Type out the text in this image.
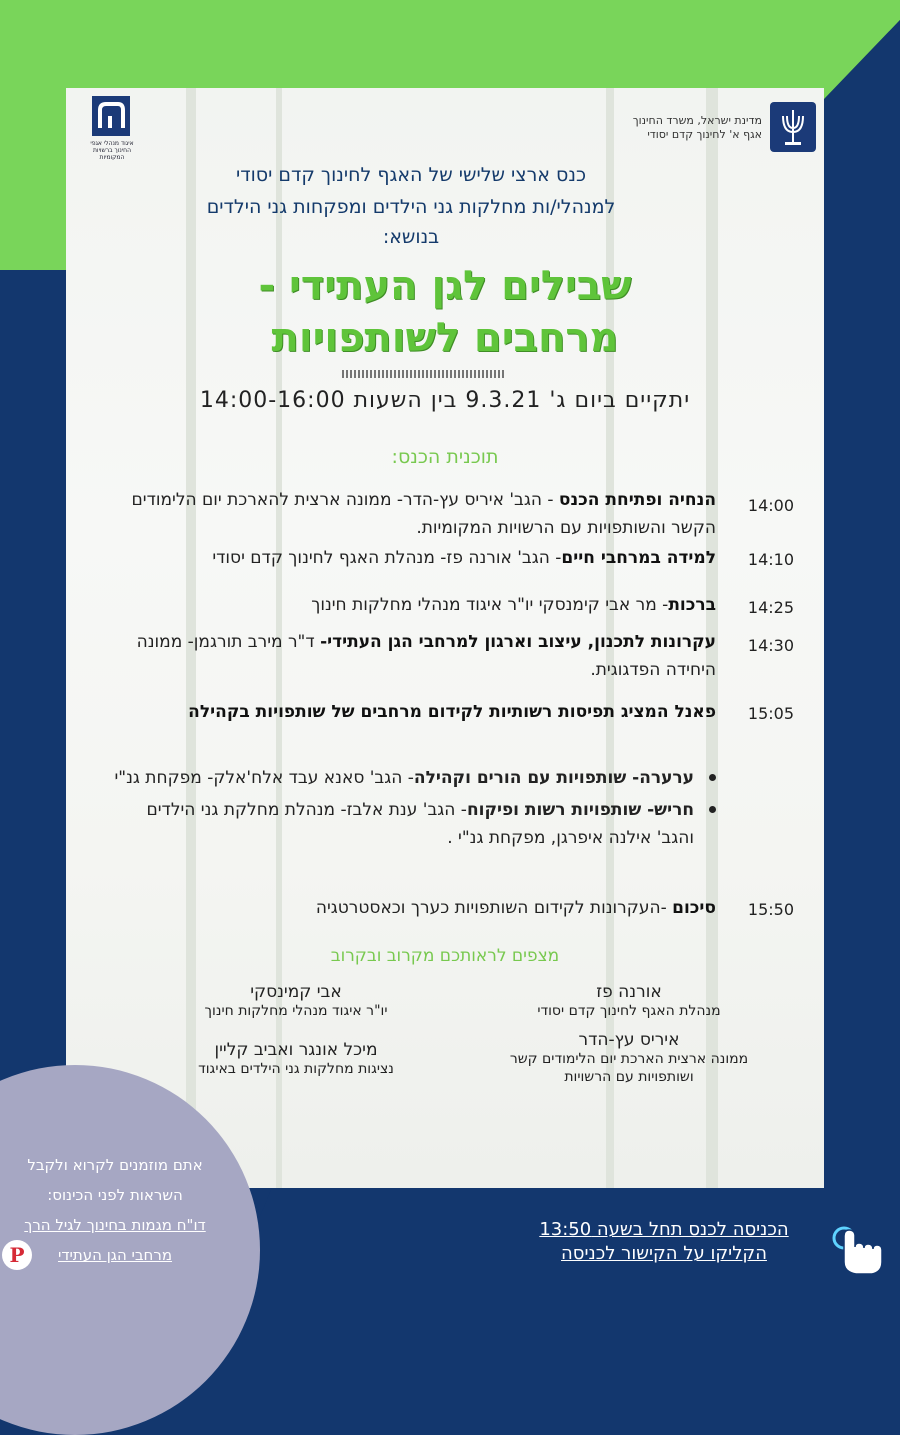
מדינת ישראל, משרד החינוך
אגף א' לחינוך קדם יסודי
איגוד מנהלי אגפי החינוך ברשויות המקומיות
כנס ארצי שלישי של האגף לחינוך קדם יסודי
למנהלי/ות מחלקות גני הילדים ומפקחות גני הילדים
בנושא:
שבילים לגן העתידי -
מרחבים לשותפויות
יתקיים ביום ג' 9.3.21 בין השעות 14:00-16:00
תוכנית הכנס:
14:00
הנחיה ופתיחת הכנס - הגב' איריס עץ-הדר- ממונה ארצית להארכת יום הלימודים הקשר והשותפויות עם הרשויות המקומיות.
14:10
למידה במרחבי חיים- הגב' אורנה פז- מנהלת האגף לחינוך קדם יסודי
14:25
ברכות- מר אבי קימנסקי יו"ר איגוד מנהלי מחלקות חינוך
14:30
עקרונות לתכנון, עיצוב וארגון למרחבי הגן העתידי- ד"ר מירב תורגמן- ממונה היחידה הפדגוגית.
15:05
פאנל המציג תפיסות רשותיות לקידום מרחבים של שותפויות בקהילה
ערערה- שותפויות עם הורים וקהילה- הגב' סאנא עבד אלח'אלק- מפקחת גנ"י
חריש- שותפויות רשות ופיקוח- הגב' ענת אלבז- מנהלת מחלקת גני הילדים והגב' אילנה איפרגן, מפקחת גנ"י .
15:50
סיכום -העקרונות לקידום השותפויות כערך וכאסטרטגיה
מצפים לראותכם מקרוב ובקרוב
אורנה פז
מנהלת האגף לחינוך קדם יסודי
אבי קמינסקי
יו"ר איגוד מנהלי מחלקות חינוך
איריס עץ-הדר
ממונה ארצית הארכת יום הלימודים קשר ושותפויות עם הרשויות
מיכל אונגר ואביב קליין
נציגות מחלקות גני הילדים באיגוד
אתם מוזמנים לקרוא ולקבל
השראות לפני הכינוס:
דו"ח מגמות בחינוך לגיל הרך
מרחבי הגן העתידי
P
הכניסה לכנס תחל בשעה 13:50
הקליקו על הקישור לכניסה
